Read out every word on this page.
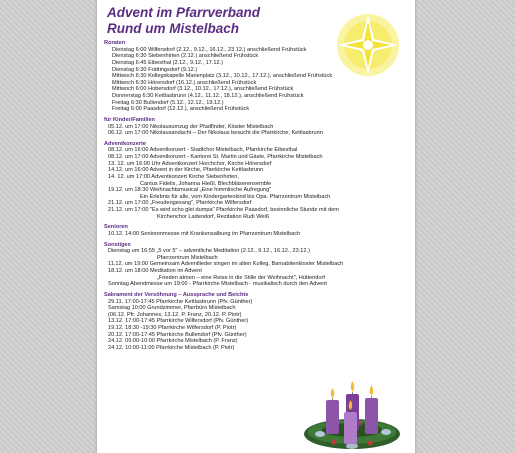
Advent im Pfarrverband
Rund um Mistelbach
Roraten
Dienstag 6:00 Wilfersdorf (2.12., 9.12., 16.12., 23.12.) anschließend Frühstück
Dienstag 6:30 Siebenhirten (2.12.) anschließend Frühstück
Dienstag 6:45 Eibesthal (2.12., 9.12., 17.12.)
Dienstag 6:30 Frättingsdorf (9.12.)
Mittwoch 6:30 Kollegskapelle Marienplatz (3.12., 10.12., 17.12.), anschließend Frühstück
Mittwoch 6:30 Hörersdorf (16.12.) anschließend Frühstück
Mittwoch 6:00 Hobersdorf (3.12., 10.12., 17.12.), anschließend Frühstück
Donnerstag 6:30 Kettlasbrunn (4.12., 11.12., 18.12.), anschließend Frühstück
Freitag 6:30 Bullendorf (5.12., 12.12., 19.12.)
Freitag 6:00 Paasdorf (12.12.), anschließend Frühstück
für Kinder/Familien
05.12. um 17:00 Nikolausumzug der Pfadfinder, Kloster Mistelbach
06.12. um 17:00 Nikolausandacht – Der Nikolaus besucht die Pfarrkirche, Kettlasbrunn
Adventkonzerte
08.12. um 16:00 Adventkonzert - Stadtchor Mistelbach, Pfarrkirche Eibesthal
08.12. um 17:00 Adventkonzert - Kantorei St. Martin und Gäste, Pfarrkirche Mistelbach
13. 12. um 16:00 Uhr Adventkonzert Horchchor, Kirche Hörersdorf
14.12. um 16:00 Advent in der Kirche, Pfarrkirche Kettlasbrunn
14. 12. um 17:00 Adventkonzert Kirche Siebenhirten,
Cantus Fidelis, Johanna Hießl, Blechbläserensemble
19.12. um 18:30 Weihnachtsmusical „Eine himmlische Aufregung"
Ein Erlebnis für alle, vom Kindergartenkind bis Opa. Pfarrzentrum Mistelbach
21.12. um 17:00 „Freudengesang", Pfarrkirche Wilfersdorf
21.12. um 17:00 "Es wird scho glei dumpa" Pfarrkirche Paasdorf, besinnliche Stunde mit dem
Kirchenchor Ladendorf, Rezitation Rudi Weiß
Senioren
10.12. 14:00 Seniorenmesse mit Krankensalbung im Pfarrzentrum Mistelbach
Sonstiges
Dienstag um 16:55 „5 vor 5" – adventliche Meditation (2.12., 9.12., 16.12., 23.12.)
Pfarrzentrum Mistelbach
11.12. um 19:00 Gemeinsam Adventlieder singen im alten Kolleg, Barnabitenkloster Mistelbach
18.12. um 18:00 Meditation im Advent
„Frieden atmen – eine Reise in die Stille der Weihnacht", Hüttendorf
Sonntag Abendmesse um 19:00 - Pfarrkirche Mistelbach - musikalisch durch den Advent
Sakrament der Versöhnung – Aussprache und Beichte
29.11. 17:00-17:45 Pfarrkirche Kettlasbrunn (Pfv. Günther)
Samstag 10:00 Grundzimmer, Pfarrbüro Mistelbach
(06.12. Pfr. Johannes, 13.12. P. Franz, 20.12. P. Piotr)
13.12. 17:00-17:45 Pfarrkirche Wilfersdorf (Pfv. Günther)
19.12. 18:30 -19:30 Pfarrkirche Wilfersdorf (P. Piotr)
20.12. 17:00-17:45 Pfarrkirche Bullendorf (Pfv. Günther)
24.12. 09:00-10:00 Pfarrkirche Mistelbach (P. Franz)
24.12. 10:00-11:00 Pfarrkirche Mistelbach (P. Piotr)
